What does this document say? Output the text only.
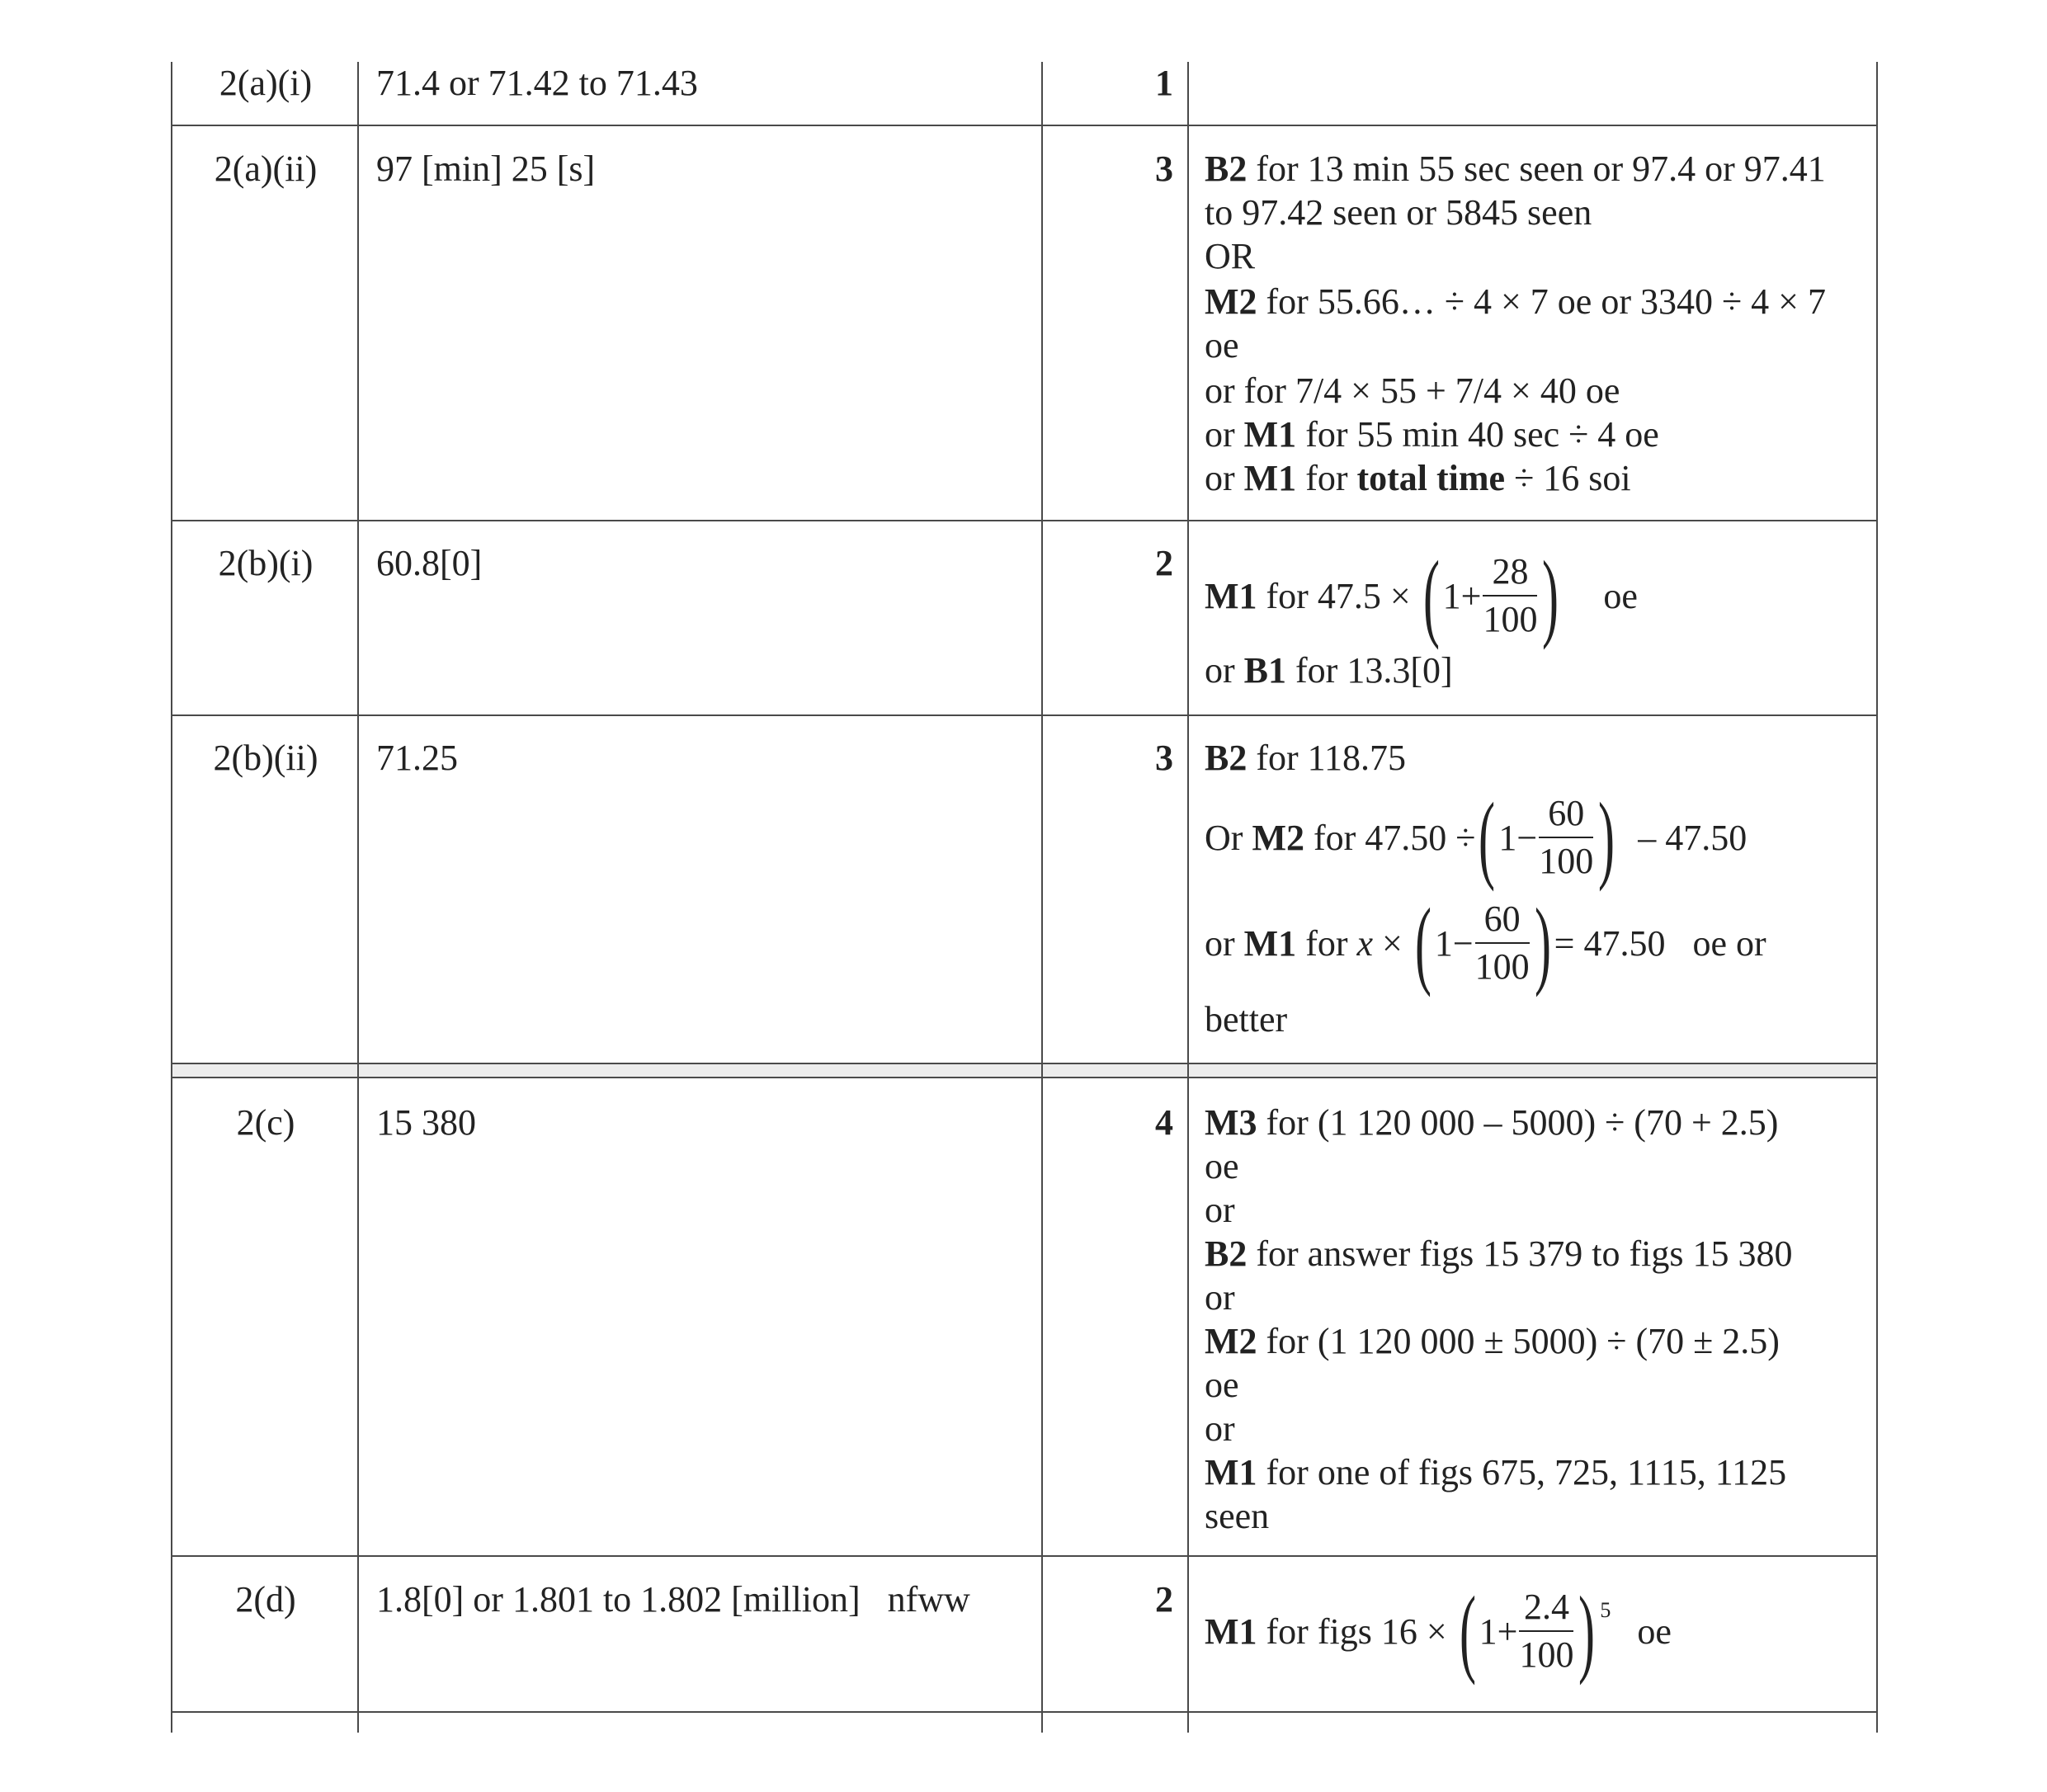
2(a)(i)	71.4 or 71.42 to 71.43	1
2(a)(ii)	97 [min] 25 [s]	3 B2 for 13 min 55 sec seen or 97.4 or 97.41
to 97.42 seen or 5845 seen
OR
M2 for 55.66… ÷ 4 × 7 oe or 3340 ÷ 4 × 7
oe
or for 7/4 × 55 + 7/4 × 40 oe
or M1 for 55 min 40 sec ÷ 4 oe
or M1 for total time ÷ 16 soi
2(b)(i)	60.8[0]	2
M1 for 47.5 × ( $1+ \frac{28}{100}$ ) oe
or B1 for 13.3[0]
2(b)(ii)	71.25	3 B2 for 118.75
Or M2 for 47.50 ÷ ( $1- \frac{60}{100}$ ) – 47.50
or M1 for x × ( $1- \frac{60}{100}$ ) = 47.50   oe or
better
2(c)	15 380	4 M3 for (1 120 000 – 5000) ÷ (70 + 2.5)
oe
or
B2 for answer figs 15 379 to figs 15 380
or
M2 for (1 120 000 ± 5000) ÷ (70 ± 2.5)
oe
or
M1 for one of figs 675, 725, 1115, 1125
seen
2(d)	1.8[0] or 1.801 to 1.802 [million]   nfww	2
M1 for figs 16 × ( $1+ \frac{2.4}{100}$ ) 5
oe
